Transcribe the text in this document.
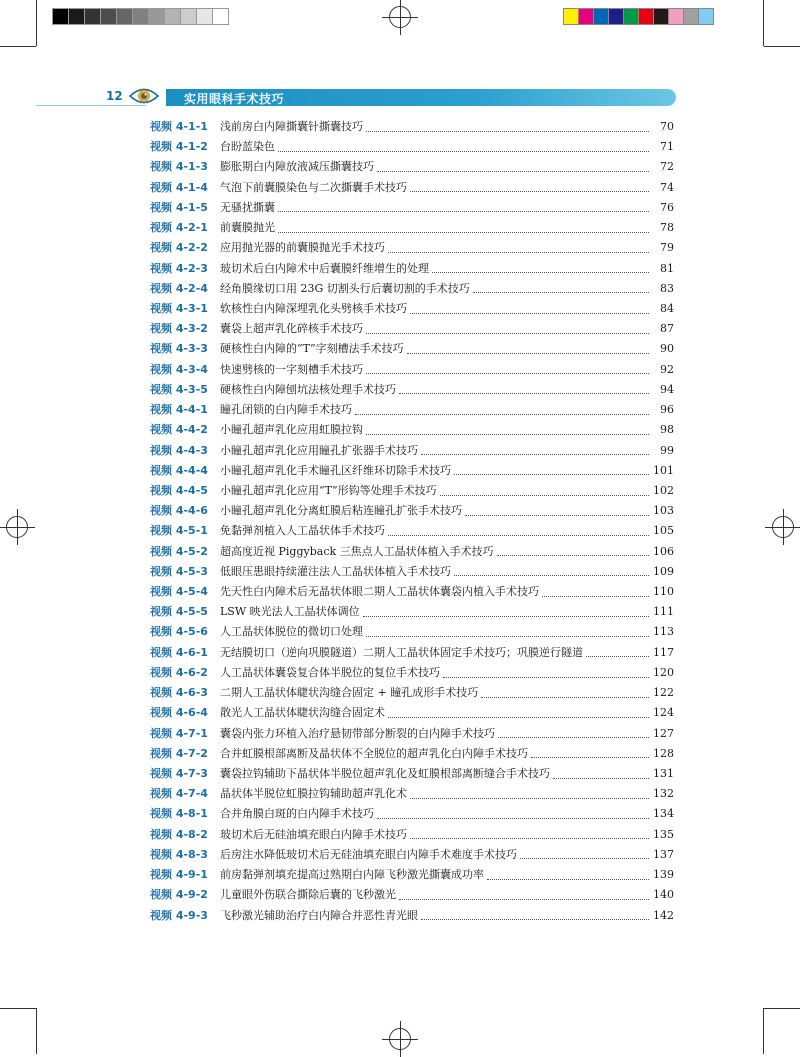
12	实用眼科手术技巧
视频 4-1-1	浅前房白内障撕囊针撕囊技巧	70
视频 4-1-2	台盼蓝染色	71
视频 4-1-3	膨胀期白内障放液减压撕囊技巧	72
视频 4-1-4	气泡下前囊膜染色与二次撕囊手术技巧	74
视频 4-1-5	无骚扰撕囊	76
视频 4-2-1	前囊膜抛光	78
视频 4-2-2	应用抛光器的前囊膜抛光手术技巧	79
视频 4-2-3	玻切术后白内障术中后囊膜纤维增生的处理	81
视频 4-2-4	经角膜缘切口用 23G 切割头行后囊切割的手术技巧	83
视频 4-3-1	软核性白内障深埋乳化头劈核手术技巧	84
视频 4-3-2	囊袋上超声乳化碎核手术技巧	87
视频 4-3-3	硬核性白内障的“T”字刻槽法手术技巧	90
视频 4-3-4	快速劈核的一字刻槽手术技巧	92
视频 4-3-5	硬核性白内障刨坑法核处理手术技巧	94
视频 4-4-1	瞳孔闭锁的白内障手术技巧	96
视频 4-4-2	小瞳孔超声乳化应用虹膜拉钩	98
视频 4-4-3	小瞳孔超声乳化应用瞳孔扩张器手术技巧	99
视频 4-4-4	小瞳孔超声乳化手术瞳孔区纤维环切除手术技巧	101
视频 4-4-5	小瞳孔超声乳化应用“T”形钩等处理手术技巧	102
视频 4-4-6	小瞳孔超声乳化分离虹膜后粘连瞳孔扩张手术技巧	103
视频 4-5-1	免黏弹剂植入人工晶状体手术技巧	105
视频 4-5-2	超高度近视 Piggyback 三焦点人工晶状体植入手术技巧	106
视频 4-5-3	低眼压患眼持续灌注法人工晶状体植入手术技巧	109
视频 4-5-4	先天性白内障术后无晶状体眼二期人工晶状体囊袋内植入手术技巧	110
视频 4-5-5	LSW 映光法人工晶状体调位	111
视频 4-5-6	人工晶状体脱位的微切口处理	113
视频 4-6-1	无结膜切口（逆向巩膜隧道）二期人工晶状体固定手术技巧；巩膜逆行隧道	117
视频 4-6-2	人工晶状体囊袋复合体半脱位的复位手术技巧	120
视频 4-6-3	二期人工晶状体睫状沟缝合固定 + 瞳孔成形手术技巧	122
视频 4-6-4	散光人工晶状体睫状沟缝合固定术	124
视频 4-7-1	囊袋内张力环植入治疗悬韧带部分断裂的白内障手术技巧	127
视频 4-7-2	合并虹膜根部离断及晶状体不全脱位的超声乳化白内障手术技巧	128
视频 4-7-3	囊袋拉钩辅助下晶状体半脱位超声乳化及虹膜根部离断缝合手术技巧	131
视频 4-7-4	晶状体半脱位虹膜拉钩辅助超声乳化术	132
视频 4-8-1	合并角膜白斑的白内障手术技巧	134
视频 4-8-2	玻切术后无硅油填充眼白内障手术技巧	135
视频 4-8-3	后房注水降低玻切术后无硅油填充眼白内障手术难度手术技巧	137
视频 4-9-1	前房黏弹剂填充提高过熟期白内障飞秒激光撕囊成功率	139
视频 4-9-2	儿童眼外伤联合撕除后囊的飞秒激光	140
视频 4-9-3	飞秒激光辅助治疗白内障合并恶性青光眼	142
